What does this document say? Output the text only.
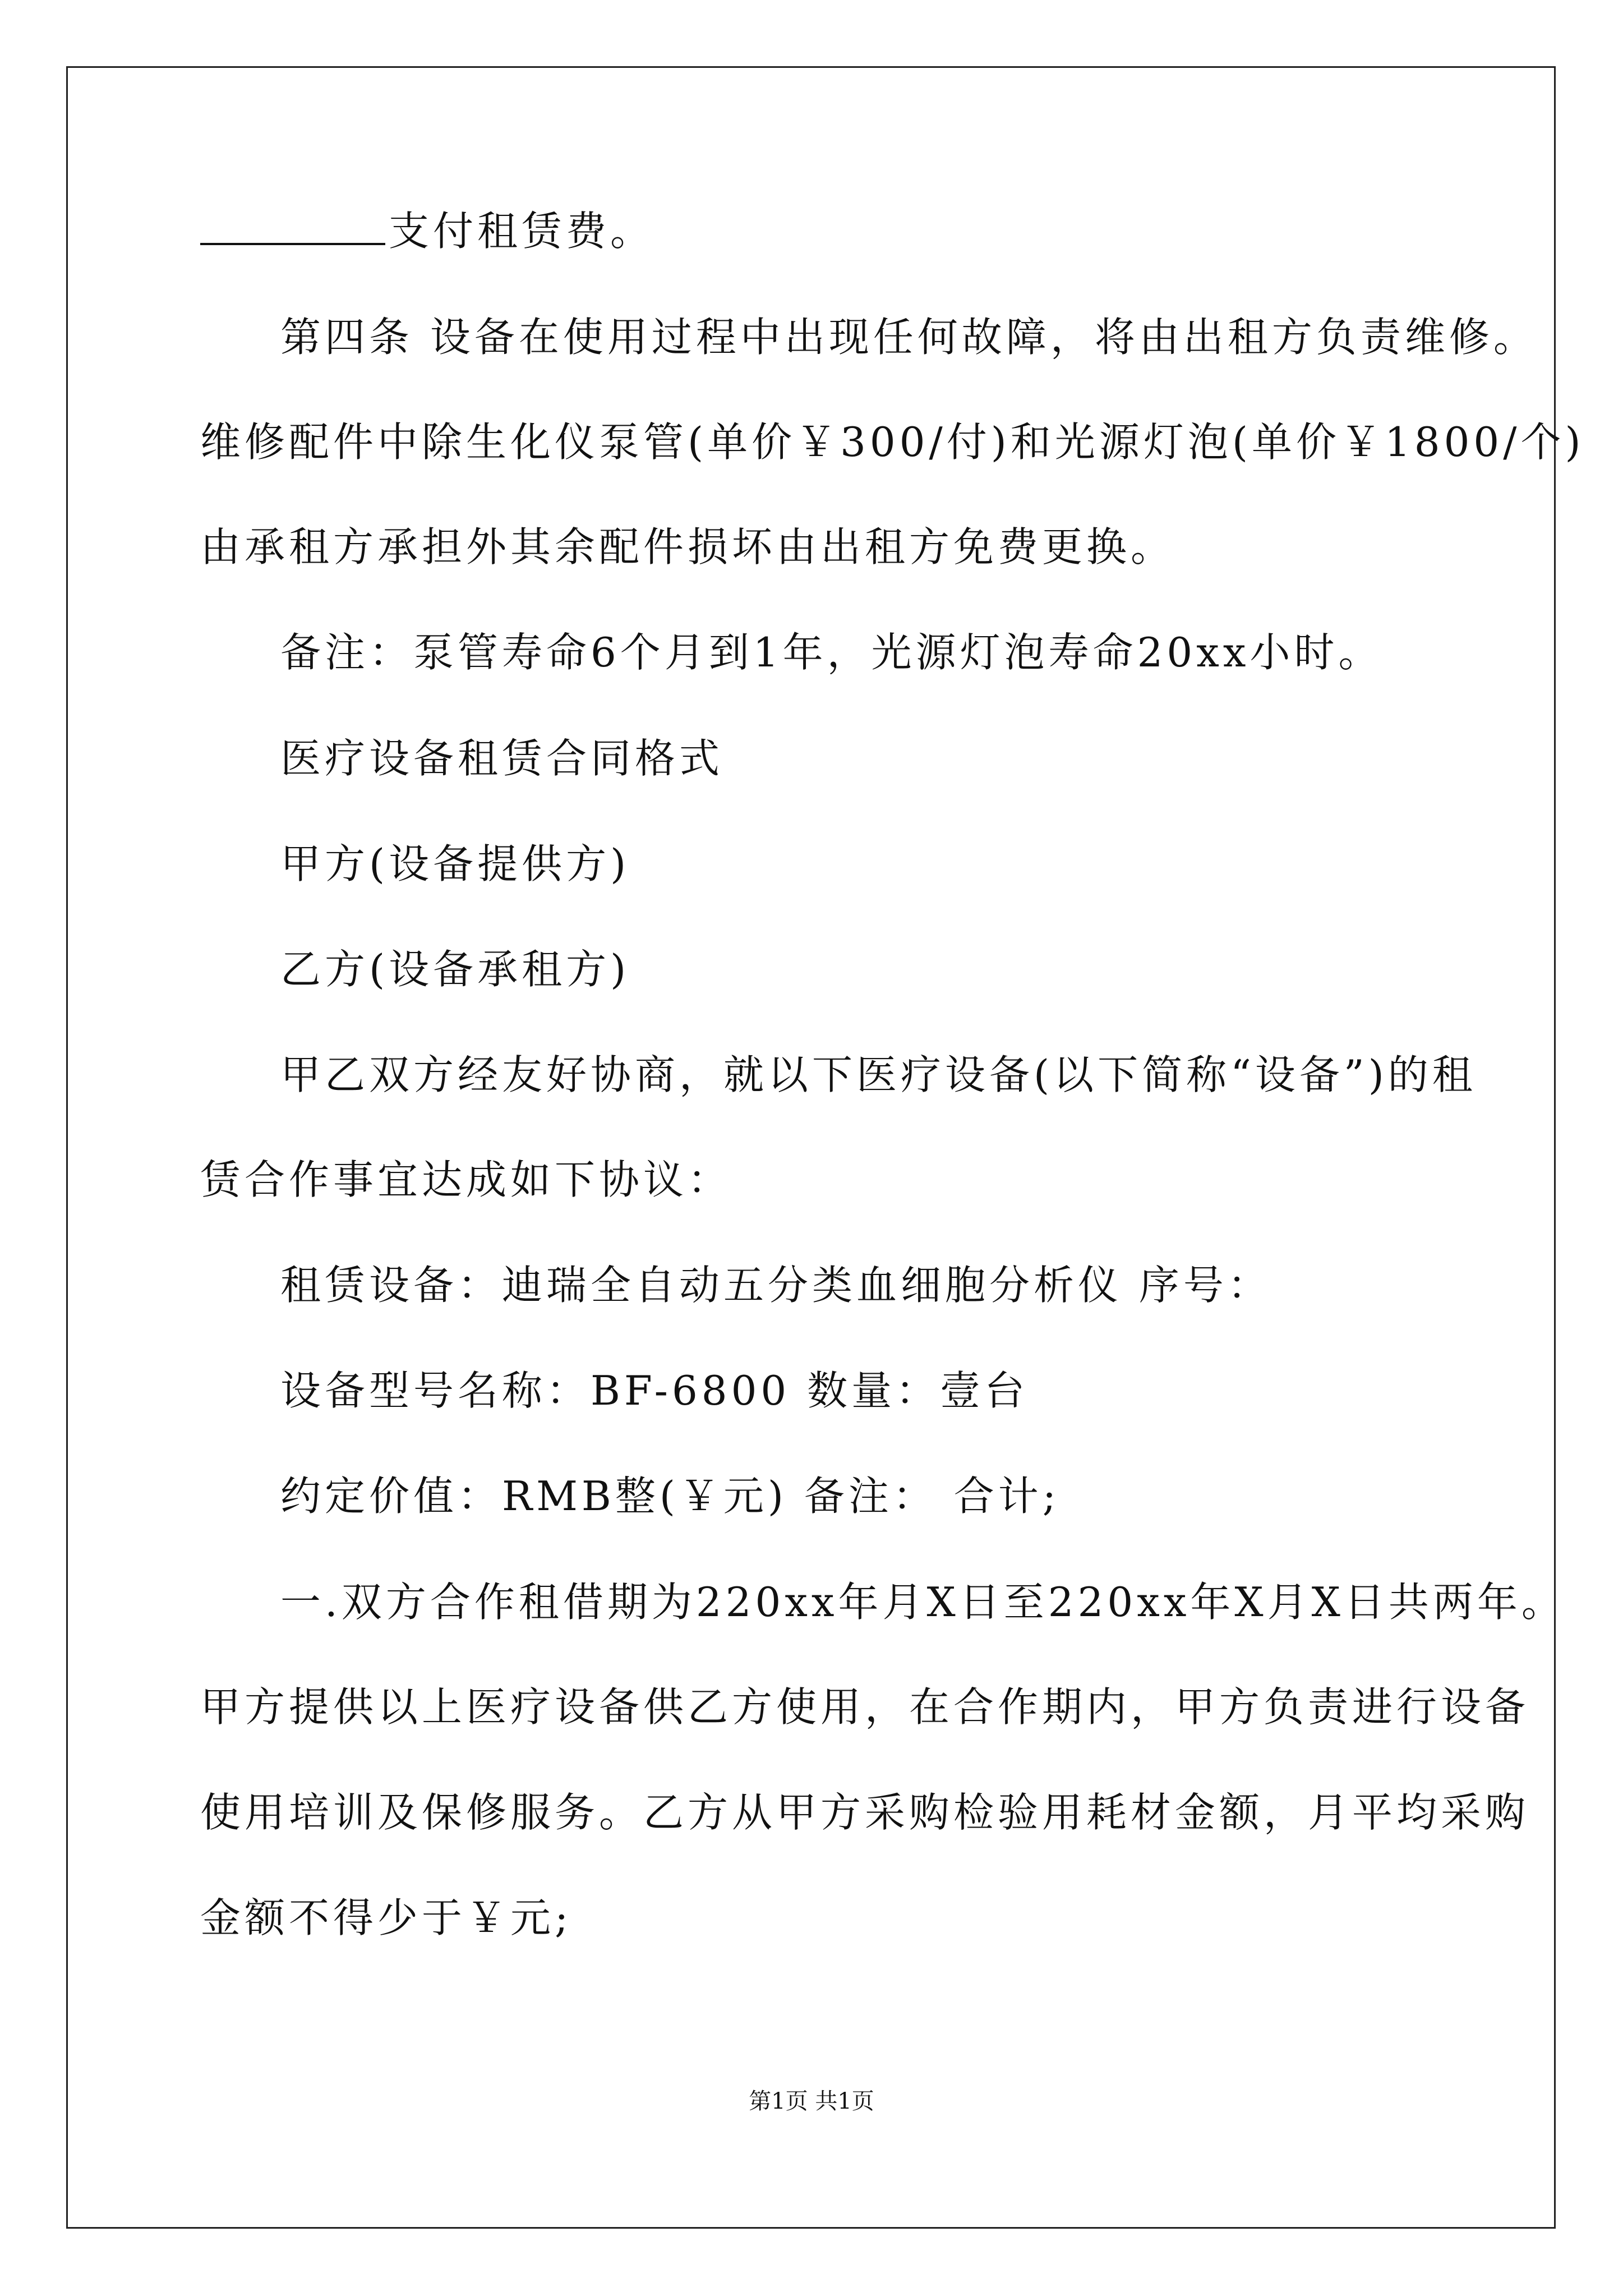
支付租赁费。
第四条 设备在使用过程中出现任何故障，将由出租方负责维修。
维修配件中除生化仪泵管(单价￥300/付)和光源灯泡(单价￥1800/个)
由承租方承担外其余配件损坏由出租方免费更换。
备注：泵管寿命6个月到1年，光源灯泡寿命20xx小时。
医疗设备租赁合同格式
甲方(设备提供方)
乙方(设备承租方)
甲乙双方经友好协商，就以下医疗设备(以下简称“设备”)的租
赁合作事宜达成如下协议：
租赁设备：迪瑞全自动五分类血细胞分析仪 序号：
设备型号名称：BF-6800 数量：壹台
约定价值：RMB整(￥元) 备注： 合计;
一.双方合作租借期为220xx年月X日至220xx年X月X日共两年。
甲方提供以上医疗设备供乙方使用，在合作期内，甲方负责进行设备
使用培训及保修服务。乙方从甲方采购检验用耗材金额，月平均采购
金额不得少于￥元;
第1页 共1页
